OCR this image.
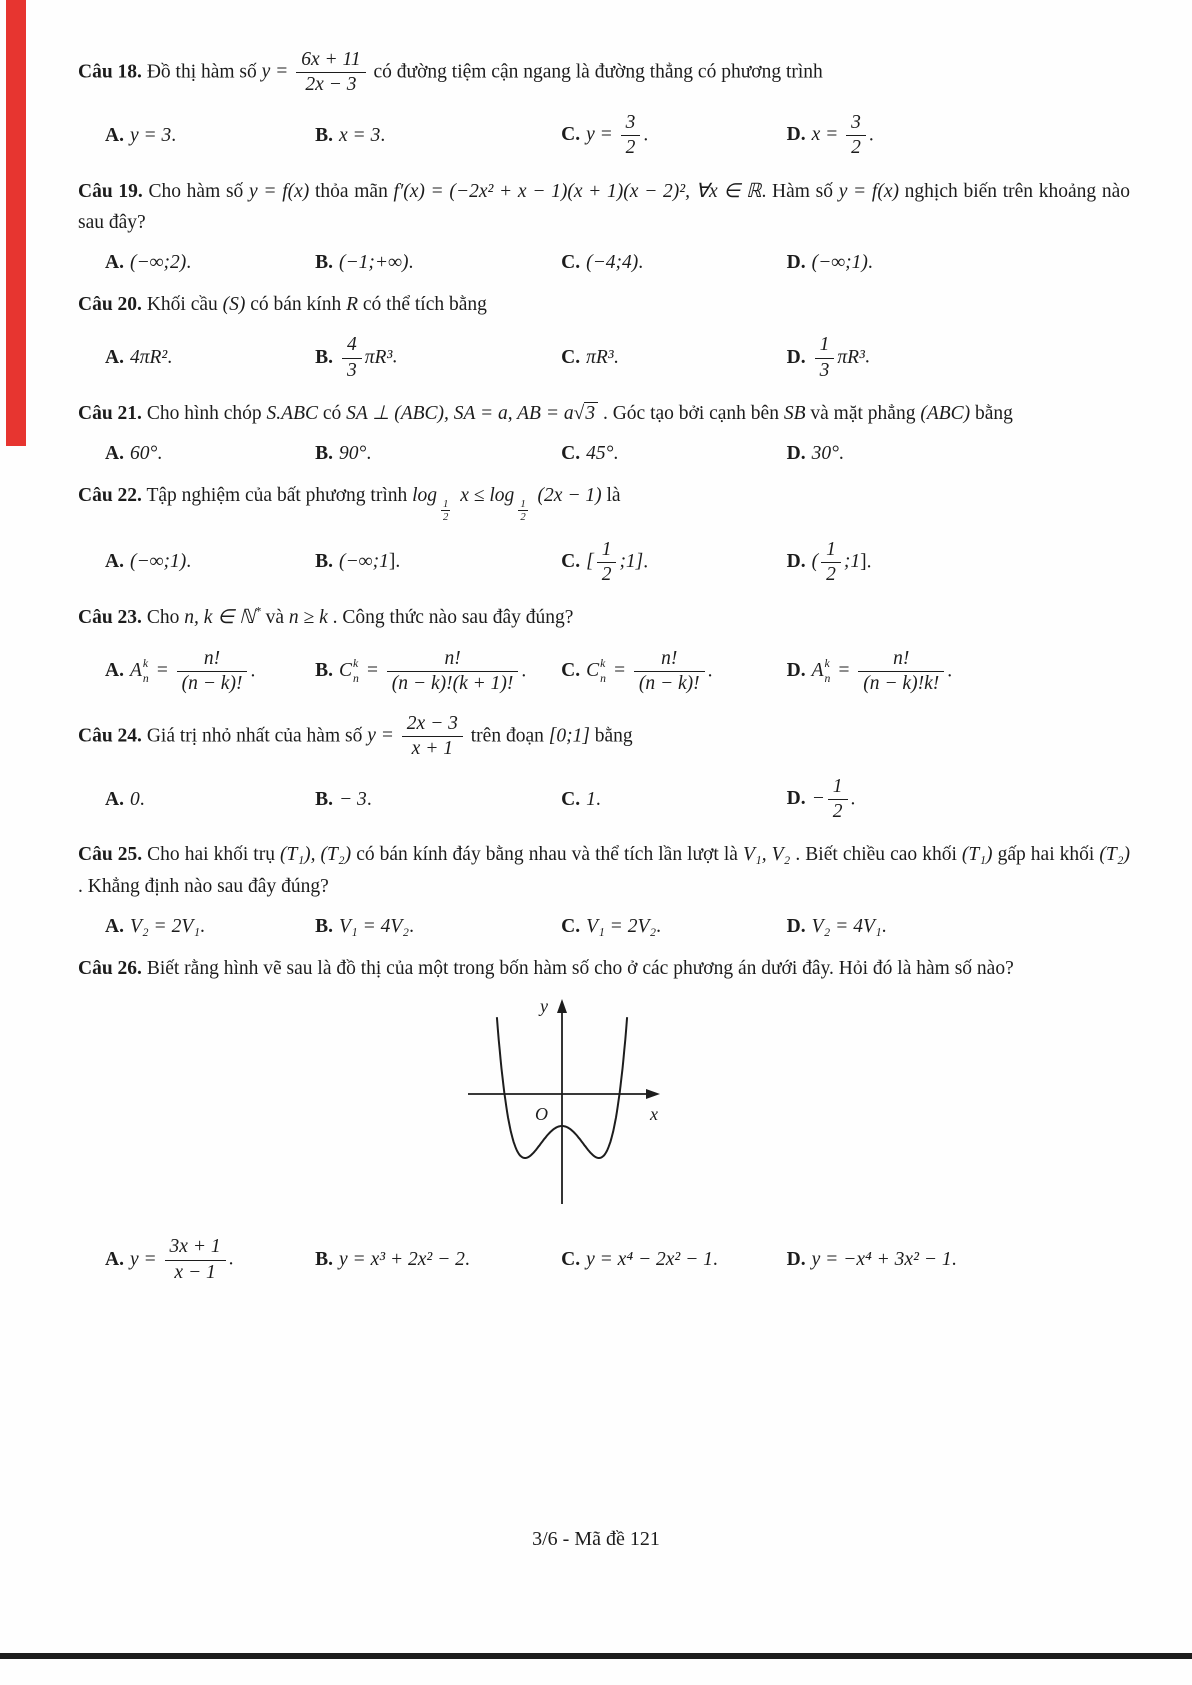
Câu 18. Đồ thị hàm số $y = \frac{6x + 11}{2x - 3}$ có đường tiệm cận ngang là đường thẳng có phương trình

A. y = 3.	B. x = 3.	C. $y = \frac{3}{2}$ .	D. $x = \frac{3}{2}$ .

Câu 19. Cho hàm số y = f(x) thỏa mãn f′(x) = (−2x² + x − 1)(x + 1)(x − 2)², ∀x ∈ ℝ. Hàm số y = f(x) nghịch biến trên khoảng nào sau đây?

A. (−∞;2).	B. (−1;+∞).	C. (−4;4).	D. (−∞;1).

Câu 20. Khối cầu (S) có bán kính R có thể tích bằng

A. 4πR².	B. $\frac{4}{3} \pi R^3$.	C. πR³.	D. $\frac{1}{3} \pi R^3$.

Câu 21. Cho hình chóp S.ABC có SA ⊥ (ABC), SA = a, AB = a√3 . Góc tạo bởi cạnh bên SB và mặt phẳng (ABC) bằng

A. 60°.	B. 90°.	C. 45°.	D. 30°.

Câu 22. Tập nghiệm của bất phương trình log
$\frac{1}{2}$
x ≤ log
$\frac{1}{2}$
(2x − 1) là

A. (−∞;1).	B. (−∞;1].	C. [ $\frac{1}{2}$ ;1].	D. ( $\frac{1}{2}$ ;1].

Câu 23. Cho n, k ∈ ℕ* và n ≥ k . Công thức nào sau đây đúng?

A. A k
$n = \frac{n!}{(n - k)!}$ .	B. C k
$n = \frac{n!}{(n - k)!(k + 1)!}$ .	C. C k
$n = \frac{n!}{(n - k)!}$ .	D. A k
$n = \frac{n!}{(n - k)!k!}$ .

Câu 24. Giá trị nhỏ nhất của hàm số $y = \frac{2x - 3}{x + 1}$ trên đoạn [0;1] bằng

A. 0.	B. − 3.	C. 1.	D. − $\frac{1}{2}$ .

Câu 25. Cho hai khối trụ (T₁), (T₂) có bán kính đáy bằng nhau và thể tích lần lượt là V₁, V₂ . Biết chiều cao khối (T₁) gấp hai khối (T₂) . Khẳng định nào sau đây đúng?

A. V₂ = 2V₁.	B. V₁ = 4V₂.	C. V₁ = 2V₂.	D. V₂ = 4V₁.

Câu 26. Biết rằng hình vẽ sau là đồ thị của một trong bốn hàm số cho ở các phương án dưới đây. Hỏi đó là hàm số nào?

O	x
y
A. $y = \frac{3x + 1}{x - 1}$ .	B. y = x³ + 2x² − 2.	C. y = x⁴ − 2x² − 1.	D. y = −x⁴ + 3x² − 1.
3/6 - Mã đề 121
